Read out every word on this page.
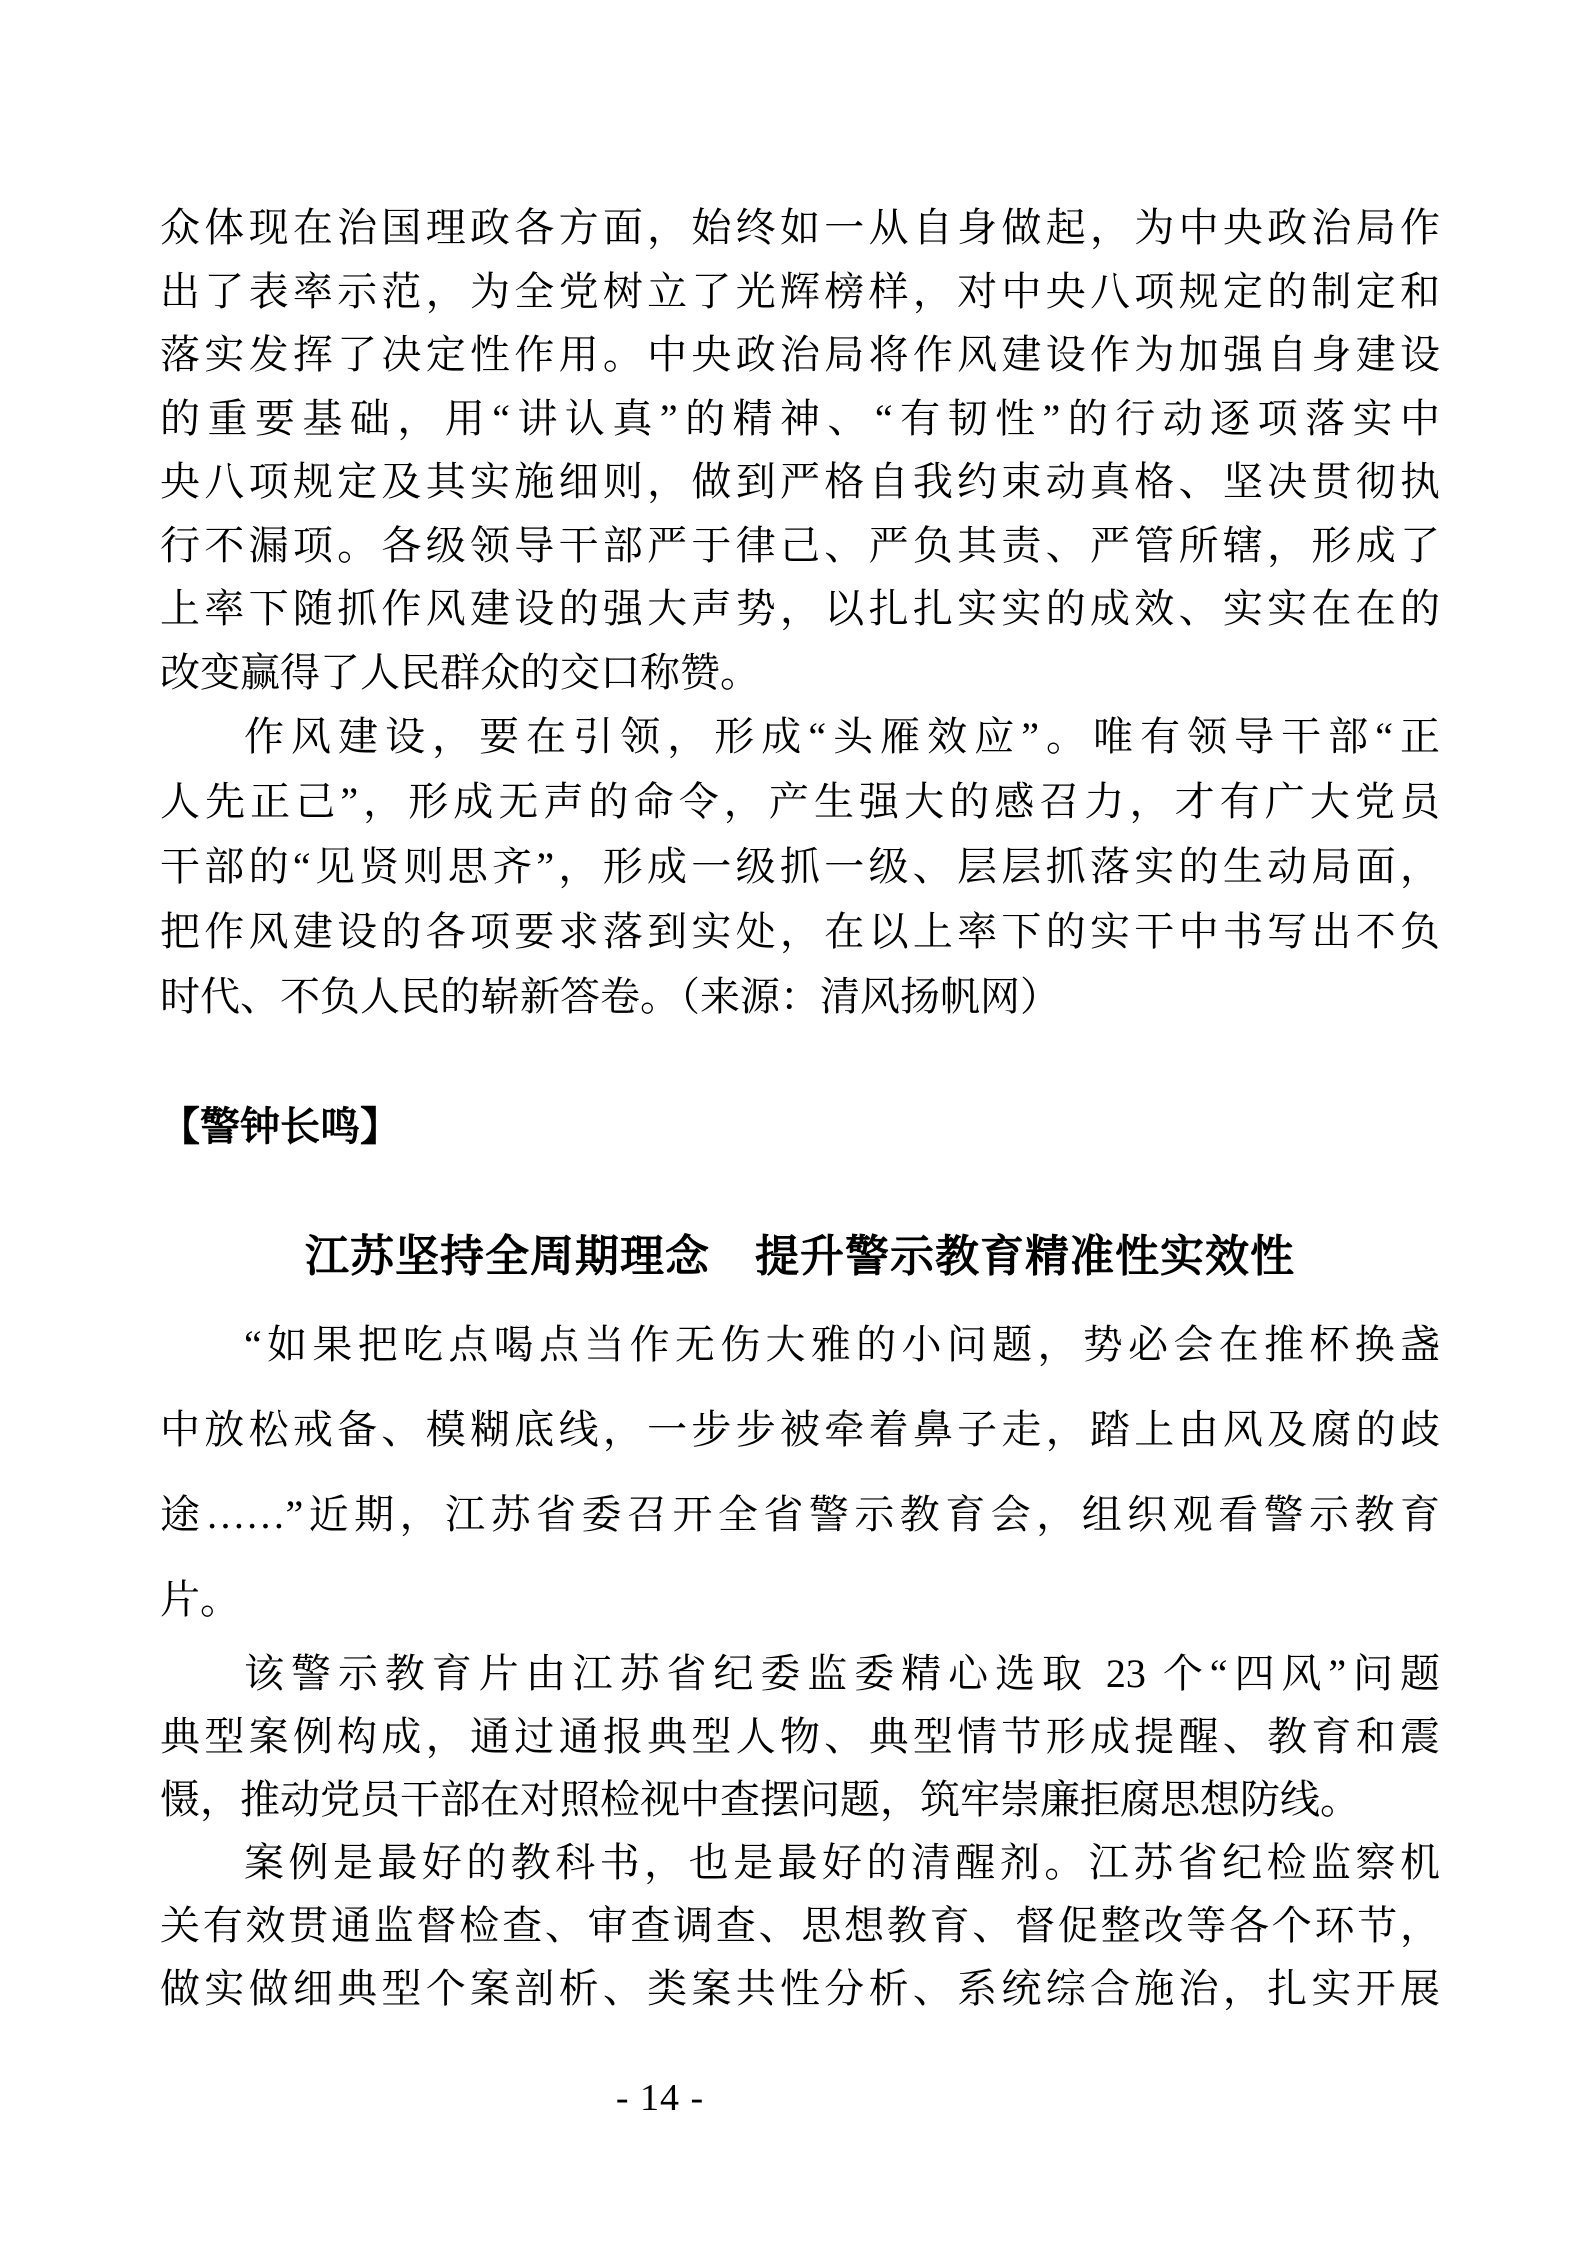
众体现在治国理政各方面，始终如一从自身做起，为中央政治局作
出了表率示范，为全党树立了光辉榜样，对中央八项规定的制定和
落实发挥了决定性作用。中央政治局将作风建设作为加强自身建设
的重要基础，用“讲认真”的精神、“有韧性”的行动逐项落实中
央八项规定及其实施细则，做到严格自我约束动真格、坚决贯彻执
行不漏项。各级领导干部严于律己、严负其责、严管所辖，形成了
上率下随抓作风建设的强大声势，以扎扎实实的成效、实实在在的
改变赢得了人民群众的交口称赞。
作风建设，要在引领，形成“头雁效应”。唯有领导干部“正
人先正己”，形成无声的命令，产生强大的感召力，才有广大党员
干部的“见贤则思齐”，形成一级抓一级、层层抓落实的生动局面，
把作风建设的各项要求落到实处，在以上率下的实干中书写出不负
时代、不负人民的崭新答卷。（来源：清风扬帆网）
【警钟长鸣】
江苏坚持全周期理念　提升警示教育精准性实效性
“如果把吃点喝点当作无伤大雅的小问题，势必会在推杯换盏
中放松戒备、模糊底线，一步步被牵着鼻子走，踏上由风及腐的歧
途……”近期，江苏省委召开全省警示教育会，组织观看警示教育
片。
该警示教育片由江苏省纪委监委精心选取 23 个“四风”问题
典型案例构成，通过通报典型人物、典型情节形成提醒、教育和震
慑，推动党员干部在对照检视中查摆问题，筑牢崇廉拒腐思想防线。
案例是最好的教科书，也是最好的清醒剂。江苏省纪检监察机
关有效贯通监督检查、审查调查、思想教育、督促整改等各个环节，
做实做细典型个案剖析、类案共性分析、系统综合施治，扎实开展
- 14 -
